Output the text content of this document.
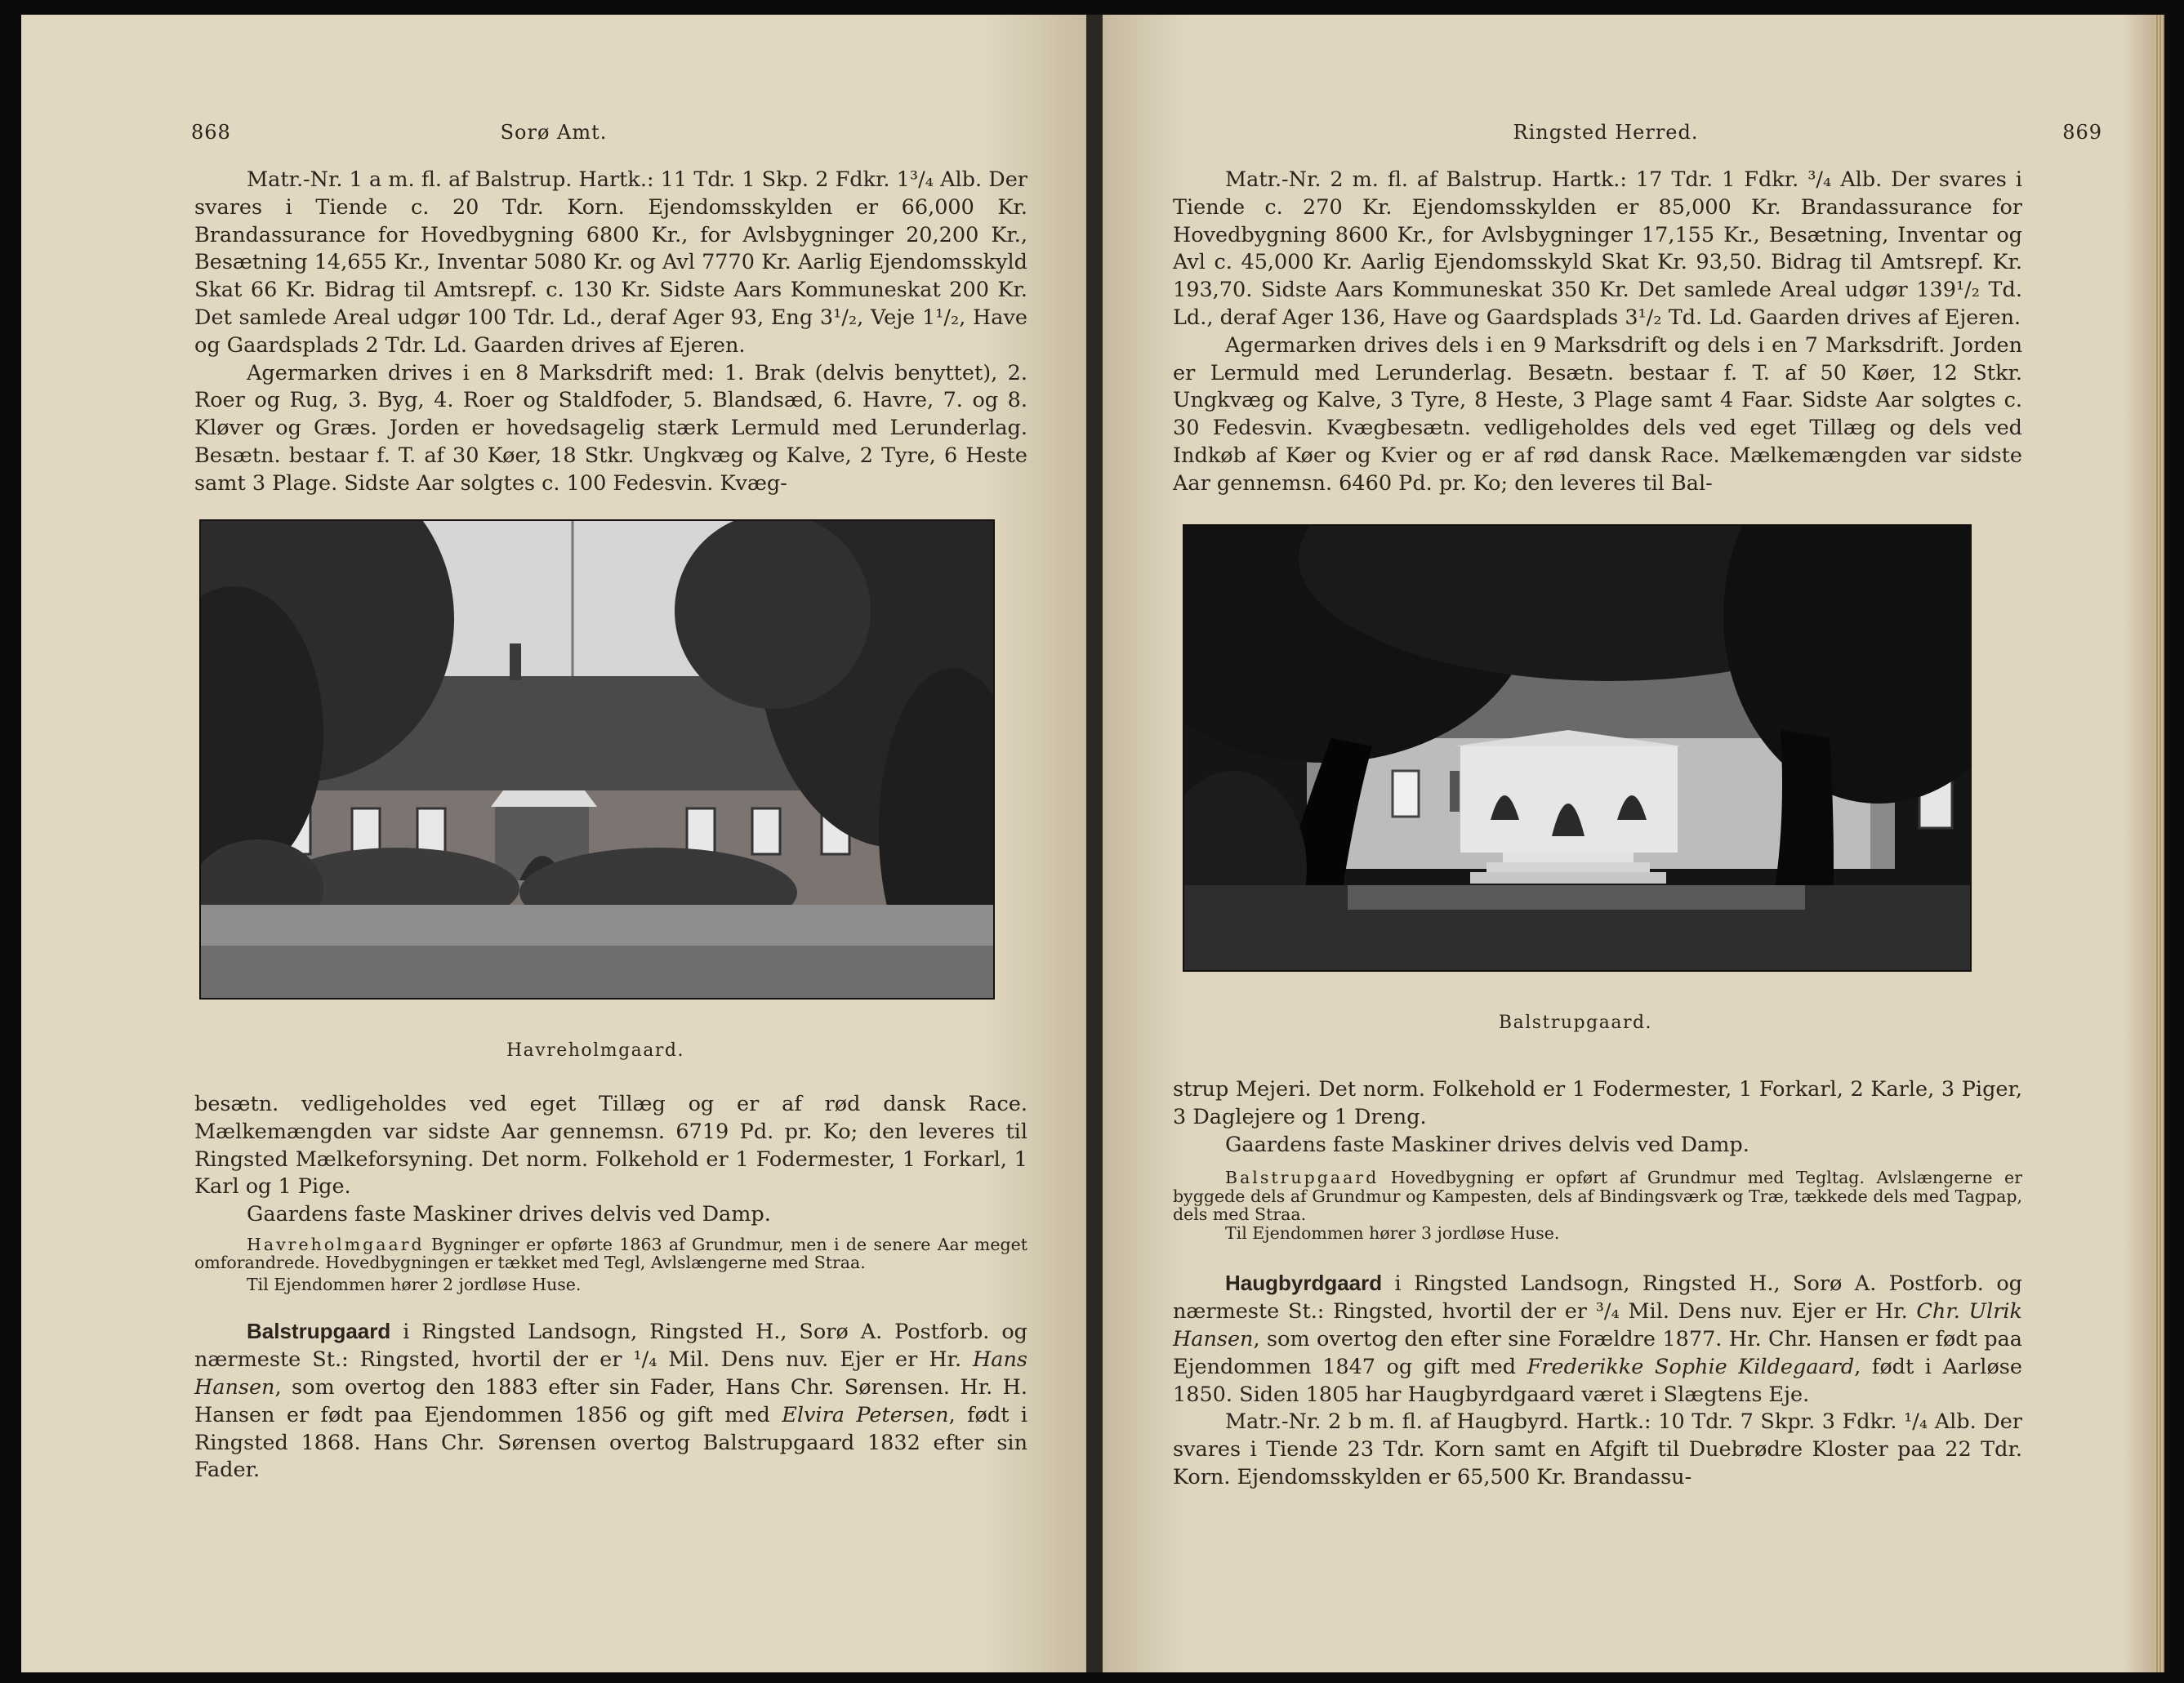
868	Sorø Amt.

Matr.-Nr. 1 a m. fl. af Balstrup. Hartk.: 11 Tdr. 1 Skp. 2 Fdkr. 1³/₄ Alb. Der svares i Tiende c. 20 Tdr. Korn. Ejendomsskylden er 66,000 Kr. Brandassurance for Hovedbygning 6800 Kr., for Avlsbygninger 20,200 Kr., Besætning 14,655 Kr., Inventar 5080 Kr. og Avl 7770 Kr. Aarlig Ejendomsskyld Skat 66 Kr. Bidrag til Amtsrepf. c. 130 Kr. Sidste Aars Kommuneskat 200 Kr. Det samlede Areal udgør 100 Tdr. Ld., deraf Ager 93, Eng 3¹/₂, Veje 1¹/₂, Have og Gaardsplads 2 Tdr. Ld. Gaarden drives af Ejeren.

Agermarken drives i en 8 Marksdrift med: 1. Brak (delvis benyttet), 2. Roer og Rug, 3. Byg, 4. Roer og Staldfoder, 5. Blandsæd, 6. Havre, 7. og 8. Kløver og Græs. Jorden er hovedsagelig stærk Lermuld med Lerunderlag. Besætn. bestaar f. T. af 30 Køer, 18 Stkr. Ungkvæg og Kalve, 2 Tyre, 6 Heste samt 3 Plage. Sidste Aar solgtes c. 100 Fedesvin. Kvæg-

Havreholmgaard.

besætn. vedligeholdes ved eget Tillæg og er af rød dansk Race. Mælkemængden var sidste Aar gennemsn. 6719 Pd. pr. Ko; den leveres til Ringsted Mælkeforsyning. Det norm. Folkehold er 1 Fodermester, 1 Forkarl, 1 Karl og 1 Pige.

Gaardens faste Maskiner drives delvis ved Damp.

Havreholmgaard Bygninger er opførte 1863 af Grundmur, men i de senere Aar meget omforandrede. Hovedbygningen er tækket med Tegl, Avlslængerne med Straa.

Til Ejendommen hører 2 jordløse Huse.

Balstrupgaard i Ringsted Landsogn, Ringsted H., Sorø A. Postforb. og nærmeste St.: Ringsted, hvortil der er ¹/₄ Mil. Dens nuv. Ejer er Hr. Hans Hansen, som overtog den 1883 efter sin Fader, Hans Chr. Sørensen. Hr. H. Hansen er født paa Ejendommen 1856 og gift med Elvira Petersen, født i Ringsted 1868. Hans Chr. Sørensen overtog Balstrupgaard 1832 efter sin Fader.

Ringsted Herred.	869

Matr.-Nr. 2 m. fl. af Balstrup. Hartk.: 17 Tdr. 1 Fdkr. ³/₄ Alb. Der svares i Tiende c. 270 Kr. Ejendomsskylden er 85,000 Kr. Brandassurance for Hovedbygning 8600 Kr., for Avlsbygninger 17,155 Kr., Besætning, Inventar og Avl c. 45,000 Kr. Aarlig Ejendomsskyld Skat Kr. 93,50. Bidrag til Amtsrepf. Kr. 193,70. Sidste Aars Kommuneskat 350 Kr. Det samlede Areal udgør 139¹/₂ Td. Ld., deraf Ager 136, Have og Gaardsplads 3¹/₂ Td. Ld. Gaarden drives af Ejeren.

Agermarken drives dels i en 9 Marksdrift og dels i en 7 Marksdrift. Jorden er Lermuld med Lerunderlag. Besætn. bestaar f. T. af 50 Køer, 12 Stkr. Ungkvæg og Kalve, 3 Tyre, 8 Heste, 3 Plage samt 4 Faar. Sidste Aar solgtes c. 30 Fedesvin. Kvægbesætn. vedligeholdes dels ved eget Tillæg og dels ved Indkøb af Køer og Kvier og er af rød dansk Race. Mælkemængden var sidste Aar gennemsn. 6460 Pd. pr. Ko; den leveres til Bal-

Balstrupgaard.

strup Mejeri. Det norm. Folkehold er 1 Fodermester, 1 Forkarl, 2 Karle, 3 Piger, 3 Daglejere og 1 Dreng.

Gaardens faste Maskiner drives delvis ved Damp.

Balstrupgaard Hovedbygning er opført af Grundmur med Tegltag. Avlslængerne er byggede dels af Grundmur og Kampesten, dels af Bindingsværk og Træ, tækkede dels med Tagpap, dels med Straa.

Til Ejendommen hører 3 jordløse Huse.

Haugbyrdgaard i Ringsted Landsogn, Ringsted H., Sorø A. Postforb. og nærmeste St.: Ringsted, hvortil der er ³/₄ Mil. Dens nuv. Ejer er Hr. Chr. Ulrik Hansen, som overtog den efter sine Forældre 1877. Hr. Chr. Hansen er født paa Ejendommen 1847 og gift med Frederikke Sophie Kildegaard, født i Aarløse 1850. Siden 1805 har Haugbyrdgaard været i Slægtens Eje.

Matr.-Nr. 2 b m. fl. af Haugbyrd. Hartk.: 10 Tdr. 7 Skpr. 3 Fdkr. ¹/₄ Alb. Der svares i Tiende 23 Tdr. Korn samt en Afgift til Duebrødre Kloster paa 22 Tdr. Korn. Ejendomsskylden er 65,500 Kr. Brandassu-
